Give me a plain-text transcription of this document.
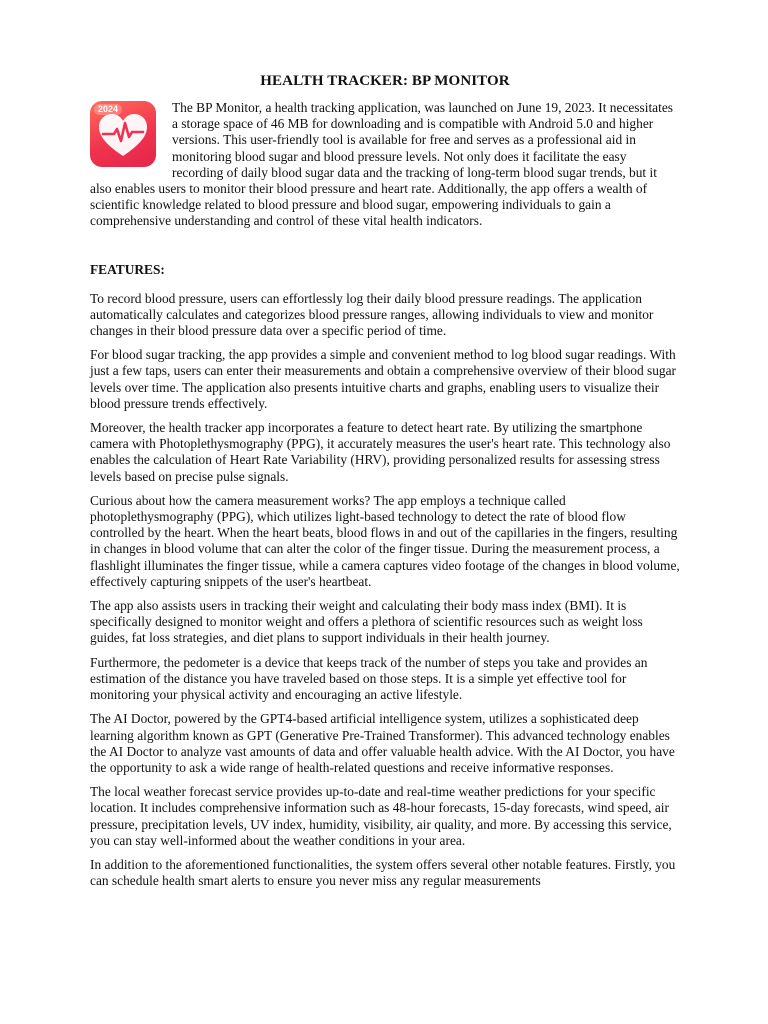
HEALTH TRACKER: BP MONITOR
2024	The BP Monitor, a health tracking application, was launched on June 19, 2023. It necessitates a storage space of 46 MB for downloading and is compatible with Android 5.0 and higher versions. This user-friendly tool is available for free and serves as a professional aid in monitoring blood sugar and blood pressure levels. Not only does it facilitate the easy recording of daily blood sugar data and the tracking of long-term blood sugar trends, but it also enables users to monitor their blood pressure and heart rate. Additionally, the app offers a wealth of scientific knowledge related to blood pressure and blood sugar, empowering individuals to gain a comprehensive understanding and control of these vital health indicators.
FEATURES:

To record blood pressure, users can effortlessly log their daily blood pressure readings. The application automatically calculates and categorizes blood pressure ranges, allowing individuals to view and monitor changes in their blood pressure data over a specific period of time.

For blood sugar tracking, the app provides a simple and convenient method to log blood sugar readings. With just a few taps, users can enter their measurements and obtain a comprehensive overview of their blood sugar levels over time. The application also presents intuitive charts and graphs, enabling users to visualize their blood pressure trends effectively.

Moreover, the health tracker app incorporates a feature to detect heart rate. By utilizing the smartphone camera with Photoplethysmography (PPG), it accurately measures the user's heart rate. This technology also enables the calculation of Heart Rate Variability (HRV), providing personalized results for assessing stress levels based on precise pulse signals.

Curious about how the camera measurement works? The app employs a technique called photoplethysmography (PPG), which utilizes light-based technology to detect the rate of blood flow controlled by the heart. When the heart beats, blood flows in and out of the capillaries in the fingers, resulting in changes in blood volume that can alter the color of the finger tissue. During the measurement process, a flashlight illuminates the finger tissue, while a camera captures video footage of the changes in blood volume, effectively capturing snippets of the user's heartbeat.

The app also assists users in tracking their weight and calculating their body mass index (BMI). It is specifically designed to monitor weight and offers a plethora of scientific resources such as weight loss guides, fat loss strategies, and diet plans to support individuals in their health journey.

Furthermore, the pedometer is a device that keeps track of the number of steps you take and provides an estimation of the distance you have traveled based on those steps. It is a simple yet effective tool for monitoring your physical activity and encouraging an active lifestyle.

The AI Doctor, powered by the GPT4-based artificial intelligence system, utilizes a sophisticated deep learning algorithm known as GPT (Generative Pre-Trained Transformer). This advanced technology enables the AI Doctor to analyze vast amounts of data and offer valuable health advice. With the AI Doctor, you have the opportunity to ask a wide range of health-related questions and receive informative responses.

The local weather forecast service provides up-to-date and real-time weather predictions for your specific location. It includes comprehensive information such as 48-hour forecasts, 15-day forecasts, wind speed, air pressure, precipitation levels, UV index, humidity, visibility, air quality, and more. By accessing this service, you can stay well-informed about the weather conditions in your area.

In addition to the aforementioned functionalities, the system offers several other notable features. Firstly, you can schedule health smart alerts to ensure you never miss any regular measurements
